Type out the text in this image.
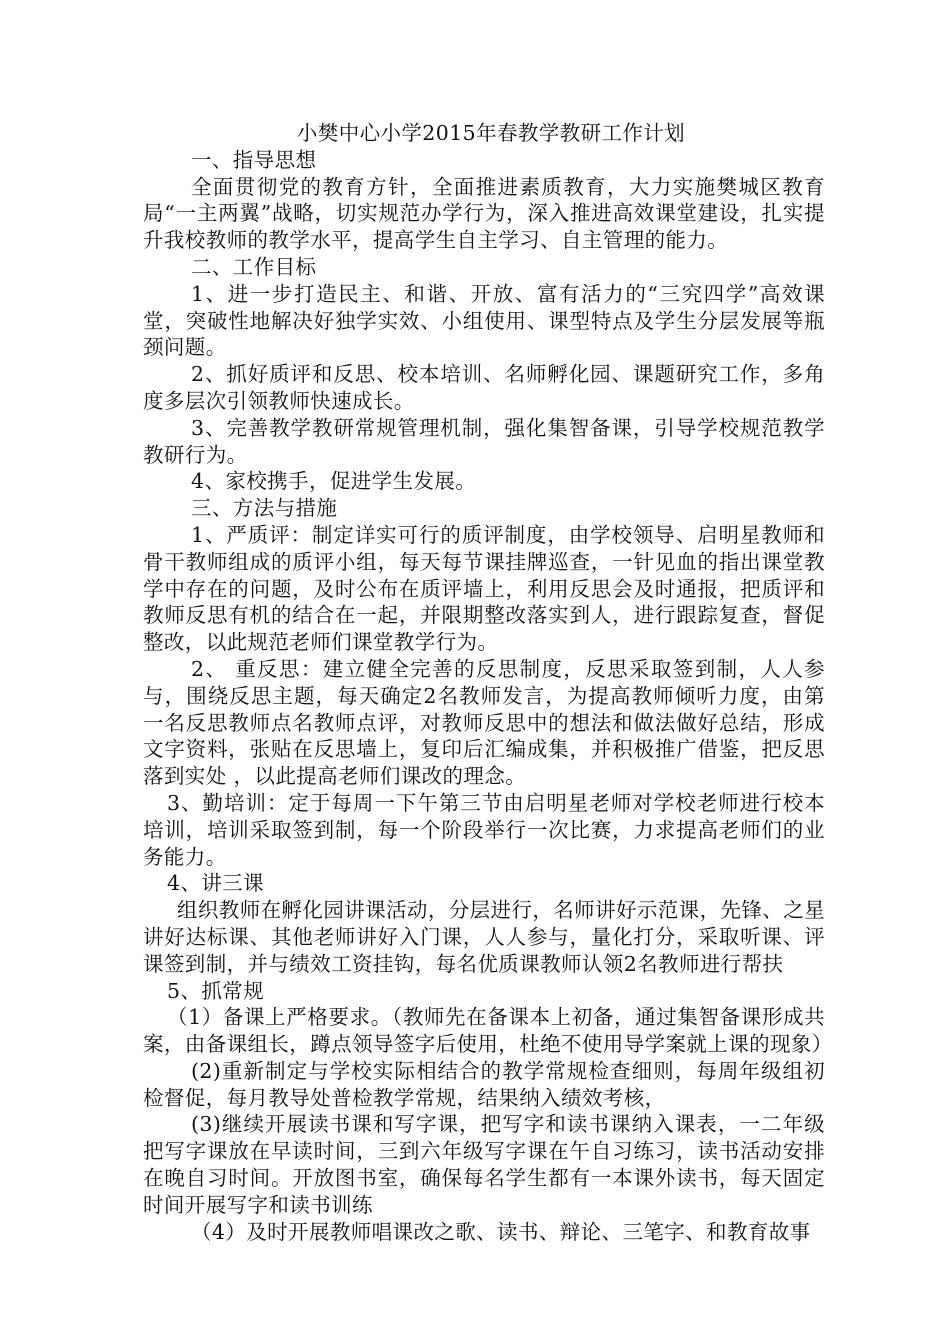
小樊中心小学2015年春教学教研工作计划

一、指导思想

全面贯彻党的教育方针，全面推进素质教育，大力实施樊城区教育局“一主两翼”战略，切实规范办学行为，深入推进高效课堂建设，扎实提升我校教师的教学水平，提高学生自主学习、自主管理的能力。

二、工作目标

1、进一步打造民主、和谐、开放、富有活力的“三究四学”高效课堂，突破性地解决好独学实效、小组使用、课型特点及学生分层发展等瓶颈问题。

2、抓好质评和反思、校本培训、名师孵化园、课题研究工作，多角度多层次引领教师快速成长。

3、完善教学教研常规管理机制，强化集智备课，引导学校规范教学教研行为。

4、家校携手，促进学生发展。

三、方法与措施

1、严质评：制定详实可行的质评制度，由学校领导、启明星教师和骨干教师组成的质评小组，每天每节课挂牌巡查，一针见血的指出课堂教学中存在的问题，及时公布在质评墙上，利用反思会及时通报，把质评和教师反思有机的结合在一起，并限期整改落实到人，进行跟踪复查，督促整改，以此规范老师们课堂教学行为。

2、 重反思：建立健全完善的反思制度，反思采取签到制，人人参与，围绕反思主题，每天确定2名教师发言，为提高教师倾听力度，由第一名反思教师点名教师点评，对教师反思中的想法和做法做好总结，形成文字资料，张贴在反思墙上，复印后汇编成集，并积极推广借鉴，把反思落到实处 ，以此提高老师们课改的理念。

3、勤培训：定于每周一下午第三节由启明星老师对学校老师进行校本培训，培训采取签到制，每一个阶段举行一次比赛，力求提高老师们的业务能力。

4、讲三课

组织教师在孵化园讲课活动，分层进行，名师讲好示范课，先锋、之星讲好达标课、其他老师讲好入门课，人人参与，量化打分，采取听课、评课签到制，并与绩效工资挂钩，每名优质课教师认领2名教师进行帮扶

5、抓常规

（1）备课上严格要求。（教师先在备课本上初备，通过集智备课形成共案，由备课组长，蹲点领导签字后使用，杜绝不使用导学案就上课的现象）

(2)重新制定与学校实际相结合的教学常规检查细则，每周年级组初检督促，每月教导处普检教学常规，结果纳入绩效考核，

(3)继续开展读书课和写字课，把写字和读书课纳入课表，一二年级把写字课放在早读时间，三到六年级写字课在午自习练习，读书活动安排在晚自习时间。开放图书室，确保每名学生都有一本课外读书，每天固定时间开展写字和读书训练

（4）及时开展教师唱课改之歌、读书、辩论、三笔字、和教育故事
